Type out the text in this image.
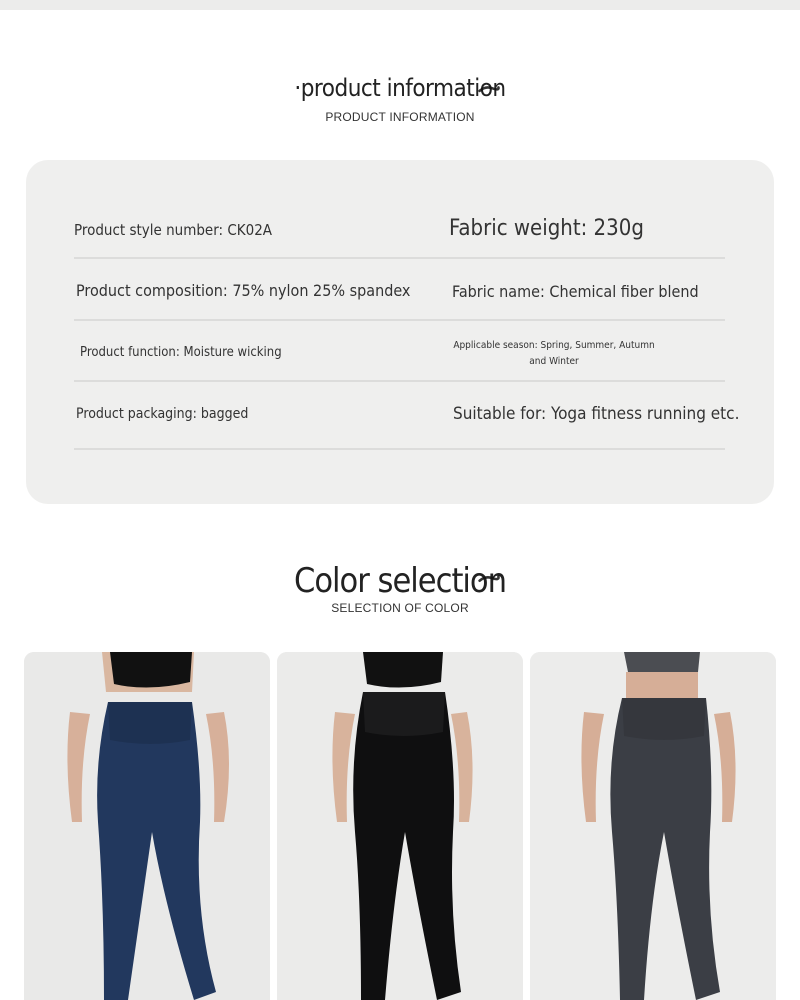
·product information
PRODUCT INFORMATION
Product style number: CK02A	Fabric weight: 230g
Product composition: 75% nylon 25% spandex	Fabric name: Chemical fiber blend
Product function: Moisture wicking	Applicable season: Spring, Summer, Autumn and Winter
Product packaging: bagged	Suitable for: Yoga fitness running etc.
Color selection
SELECTION OF COLOR
